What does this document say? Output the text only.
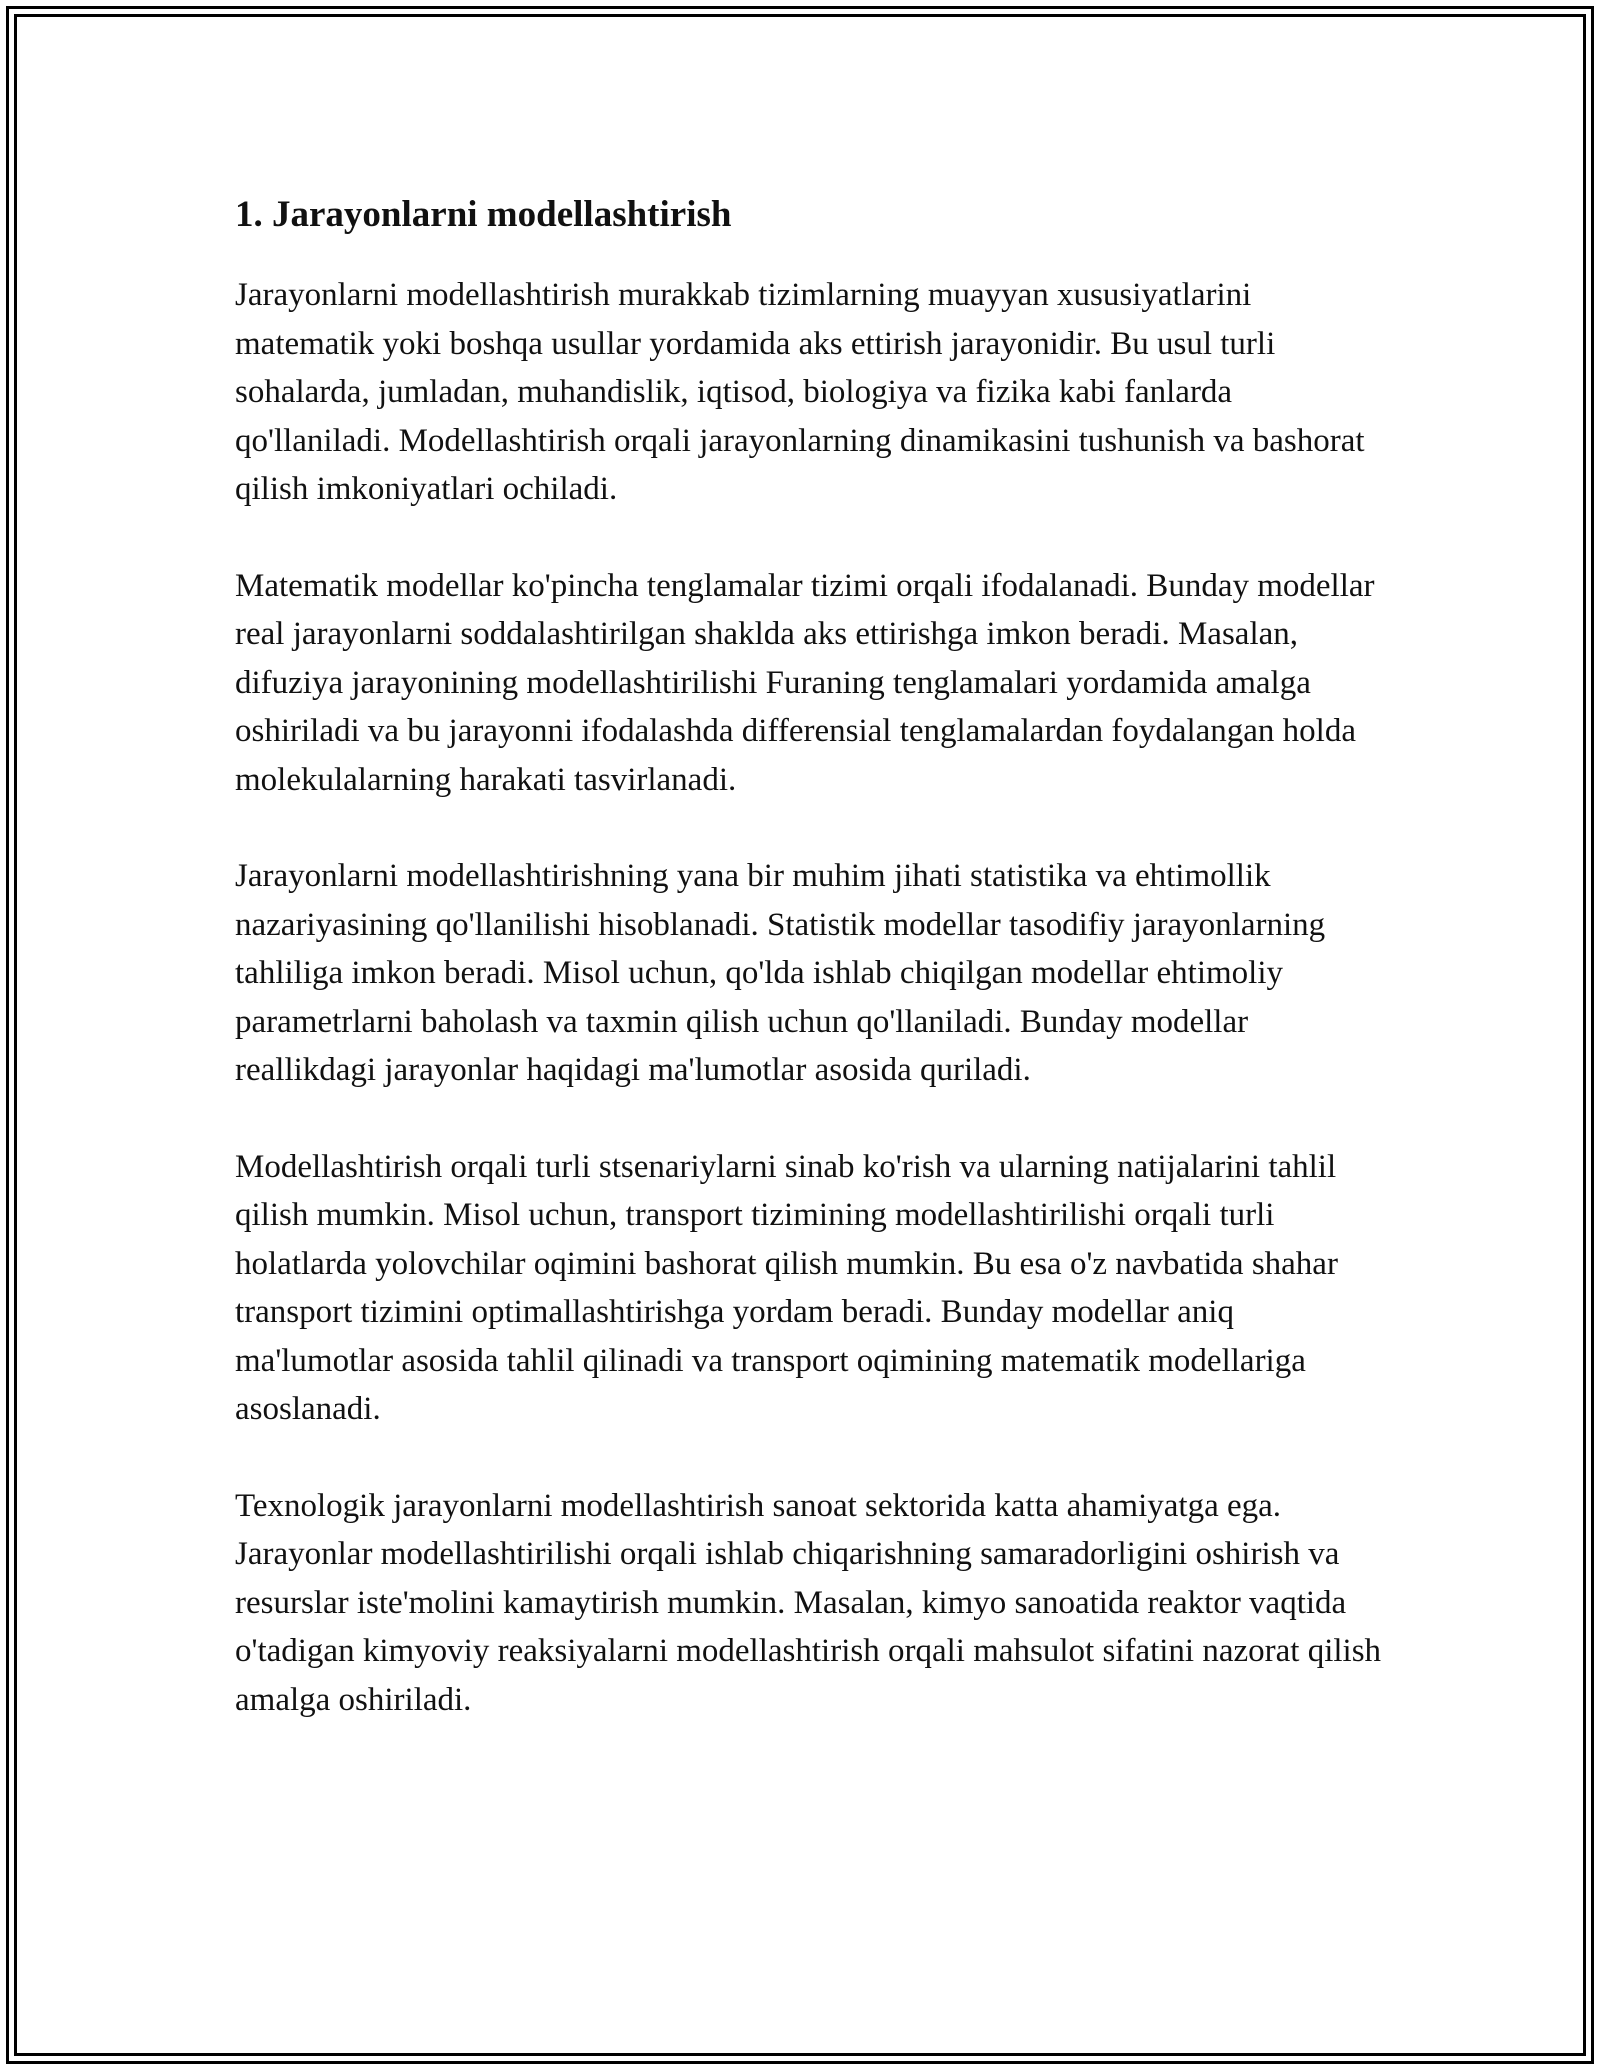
1. Jarayonlarni modellashtirish

Jarayonlarni modellashtirish murakkab tizimlarning muayyan xususiyatlarini matematik yoki boshqa usullar yordamida aks ettirish jarayonidir. Bu usul turli sohalarda, jumladan, muhandislik, iqtisod, biologiya va fizika kabi fanlarda qo'llaniladi. Modellashtirish orqali jarayonlarning dinamikasini tushunish va bashorat qilish imkoniyatlari ochiladi.

Matematik modellar ko'pincha tenglamalar tizimi orqali ifodalanadi. Bunday modellar real jarayonlarni soddalashtirilgan shaklda aks ettirishga imkon beradi. Masalan, difuziya jarayonining modellashtirilishi Furaning tenglamalari yordamida amalga oshiriladi va bu jarayonni ifodalashda differensial tenglamalardan foydalangan holda molekulalarning harakati tasvirlanadi.

Jarayonlarni modellashtirishning yana bir muhim jihati statistika va ehtimollik nazariyasining qo'llanilishi hisoblanadi. Statistik modellar tasodifiy jarayonlarning tahliliga imkon beradi. Misol uchun, qo'lda ishlab chiqilgan modellar ehtimoliy parametrlarni baholash va taxmin qilish uchun qo'llaniladi. Bunday modellar reallikdagi jarayonlar haqidagi ma'lumotlar asosida quriladi.

Modellashtirish orqali turli stsenariylarni sinab ko'rish va ularning natijalarini tahlil qilish mumkin. Misol uchun, transport tizimining modellashtirilishi orqali turli holatlarda yolovchilar oqimini bashorat qilish mumkin. Bu esa o'z navbatida shahar transport tizimini optimallashtirishga yordam beradi. Bunday modellar aniq ma'lumotlar asosida tahlil qilinadi va transport oqimining matematik modellariga asoslanadi.

Texnologik jarayonlarni modellashtirish sanoat sektorida katta ahamiyatga ega. Jarayonlar modellashtirilishi orqali ishlab chiqarishning samaradorligini oshirish va resurslar iste'molini kamaytirish mumkin. Masalan, kimyo sanoatida reaktor vaqtida o'tadigan kimyoviy reaksiyalarni modellashtirish orqali mahsulot sifatini nazorat qilish amalga oshiriladi.
